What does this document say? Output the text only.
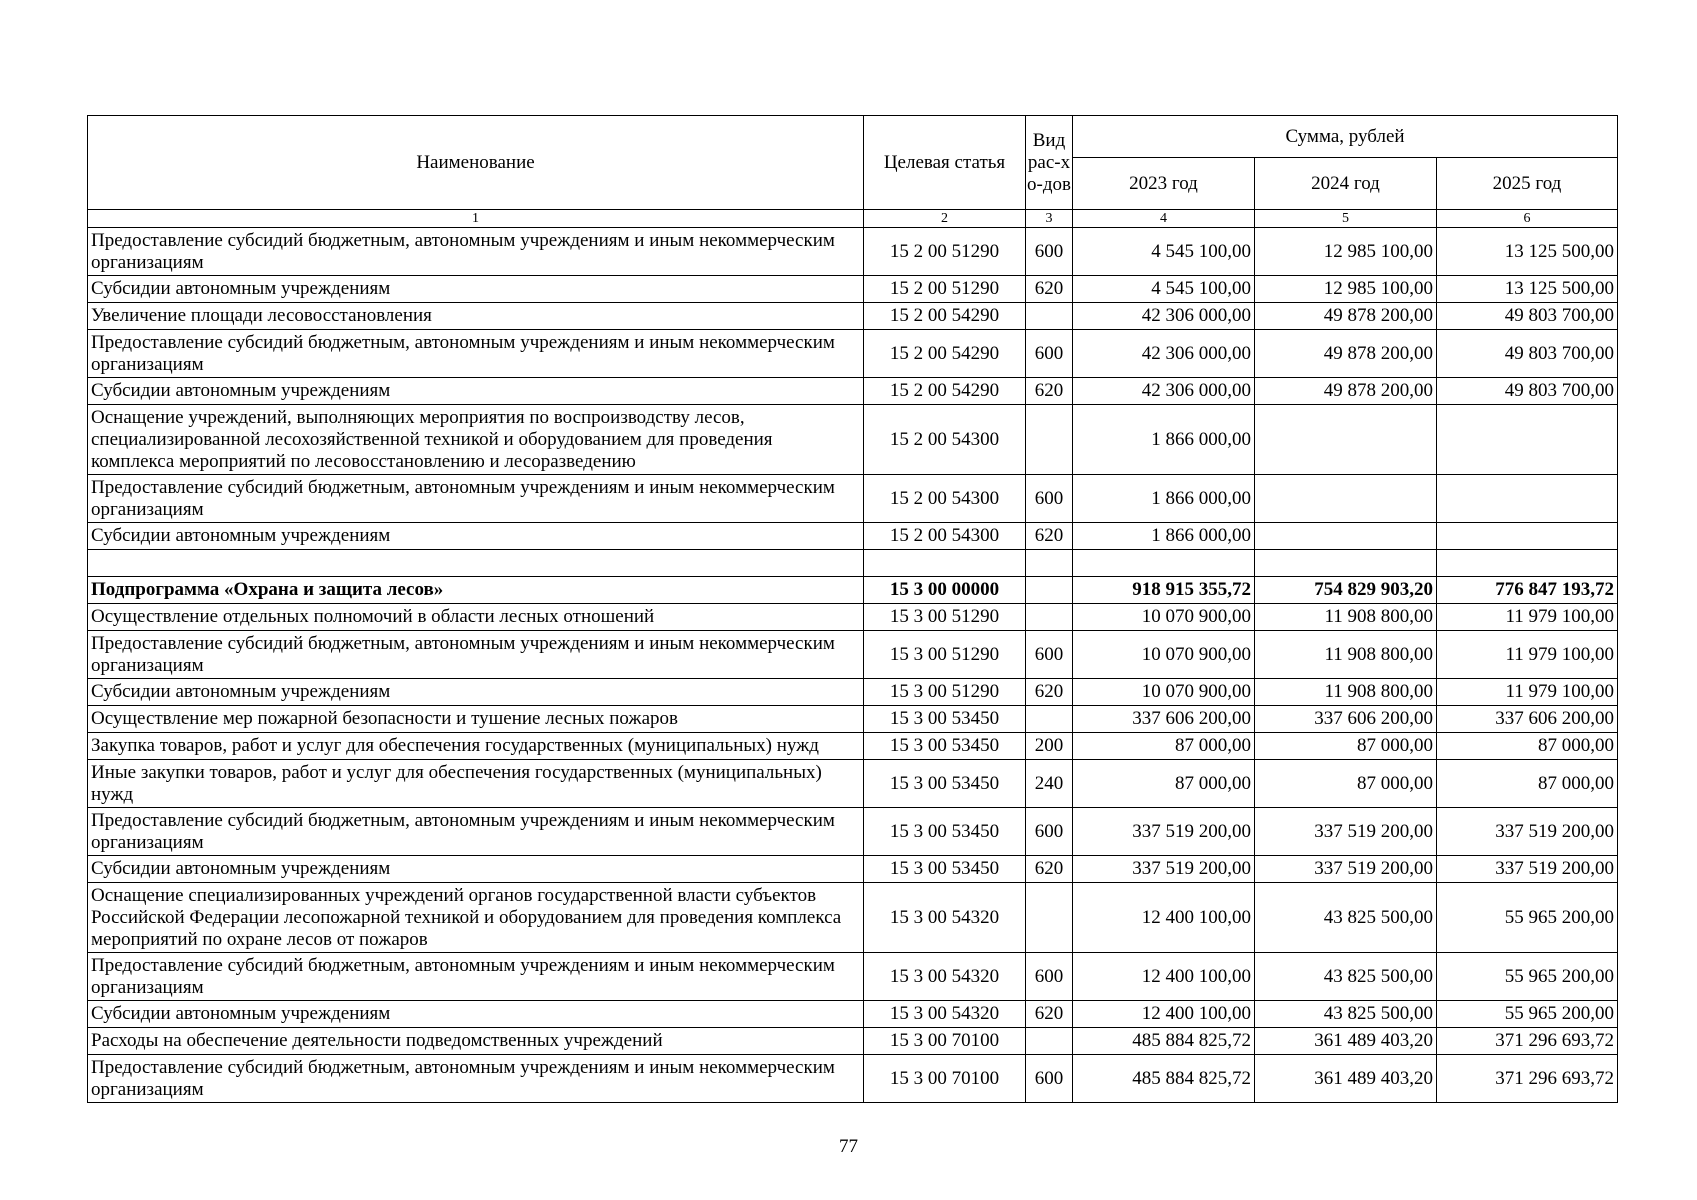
Наименование	Целевая статья	Вид рас-хо-дов	Сумма, рублей		
			2023 год	2024 год	2025 год
1	2	3	4	5	6
Предоставление субсидий бюджетным, автономным учреждениям и иным некоммерческим организациям	15 2 00 51290	600	4 545 100,00	12 985 100,00	13 125 500,00
Субсидии автономным учреждениям	15 2 00 51290	620	4 545 100,00	12 985 100,00	13 125 500,00
Увеличение площади лесовосстановления	15 2 00 54290		42 306 000,00	49 878 200,00	49 803 700,00
Предоставление субсидий бюджетным, автономным учреждениям и иным некоммерческим организациям	15 2 00 54290	600	42 306 000,00	49 878 200,00	49 803 700,00
Субсидии автономным учреждениям	15 2 00 54290	620	42 306 000,00	49 878 200,00	49 803 700,00
Оснащение учреждений, выполняющих мероприятия по воспроизводству лесов, специализированной лесохозяйственной техникой и оборудованием для проведения комплекса мероприятий по лесовосстановлению и лесоразведению	15 2 00 54300		1 866 000,00		
Предоставление субсидий бюджетным, автономным учреждениям и иным некоммерческим организациям	15 2 00 54300	600	1 866 000,00		
Субсидии автономным учреждениям	15 2 00 54300	620	1 866 000,00		

Подпрограмма «Охрана и защита лесов»	15 3 00 00000		918 915 355,72	754 829 903,20	776 847 193,72
Осуществление отдельных полномочий в области лесных отношений	15 3 00 51290		10 070 900,00	11 908 800,00	11 979 100,00
Предоставление субсидий бюджетным, автономным учреждениям и иным некоммерческим организациям	15 3 00 51290	600	10 070 900,00	11 908 800,00	11 979 100,00
Субсидии автономным учреждениям	15 3 00 51290	620	10 070 900,00	11 908 800,00	11 979 100,00
Осуществление мер пожарной безопасности и тушение лесных пожаров	15 3 00 53450		337 606 200,00	337 606 200,00	337 606 200,00
Закупка товаров, работ и услуг для обеспечения государственных (муниципальных) нужд	15 3 00 53450	200	87 000,00	87 000,00	87 000,00
Иные закупки товаров, работ и услуг для обеспечения государственных (муниципальных) нужд	15 3 00 53450	240	87 000,00	87 000,00	87 000,00
Предоставление субсидий бюджетным, автономным учреждениям и иным некоммерческим организациям	15 3 00 53450	600	337 519 200,00	337 519 200,00	337 519 200,00
Субсидии автономным учреждениям	15 3 00 53450	620	337 519 200,00	337 519 200,00	337 519 200,00
Оснащение специализированных учреждений органов государственной власти субъектов Российской Федерации лесопожарной техникой и оборудованием для проведения комплекса мероприятий по охране лесов от пожаров	15 3 00 54320		12 400 100,00	43 825 500,00	55 965 200,00
Предоставление субсидий бюджетным, автономным учреждениям и иным некоммерческим организациям	15 3 00 54320	600	12 400 100,00	43 825 500,00	55 965 200,00
Субсидии автономным учреждениям	15 3 00 54320	620	12 400 100,00	43 825 500,00	55 965 200,00
Расходы на обеспечение деятельности подведомственных учреждений	15 3 00 70100		485 884 825,72	361 489 403,20	371 296 693,72
Предоставление субсидий бюджетным, автономным учреждениям и иным некоммерческим организациям	15 3 00 70100	600	485 884 825,72	361 489 403,20	371 296 693,72
77
